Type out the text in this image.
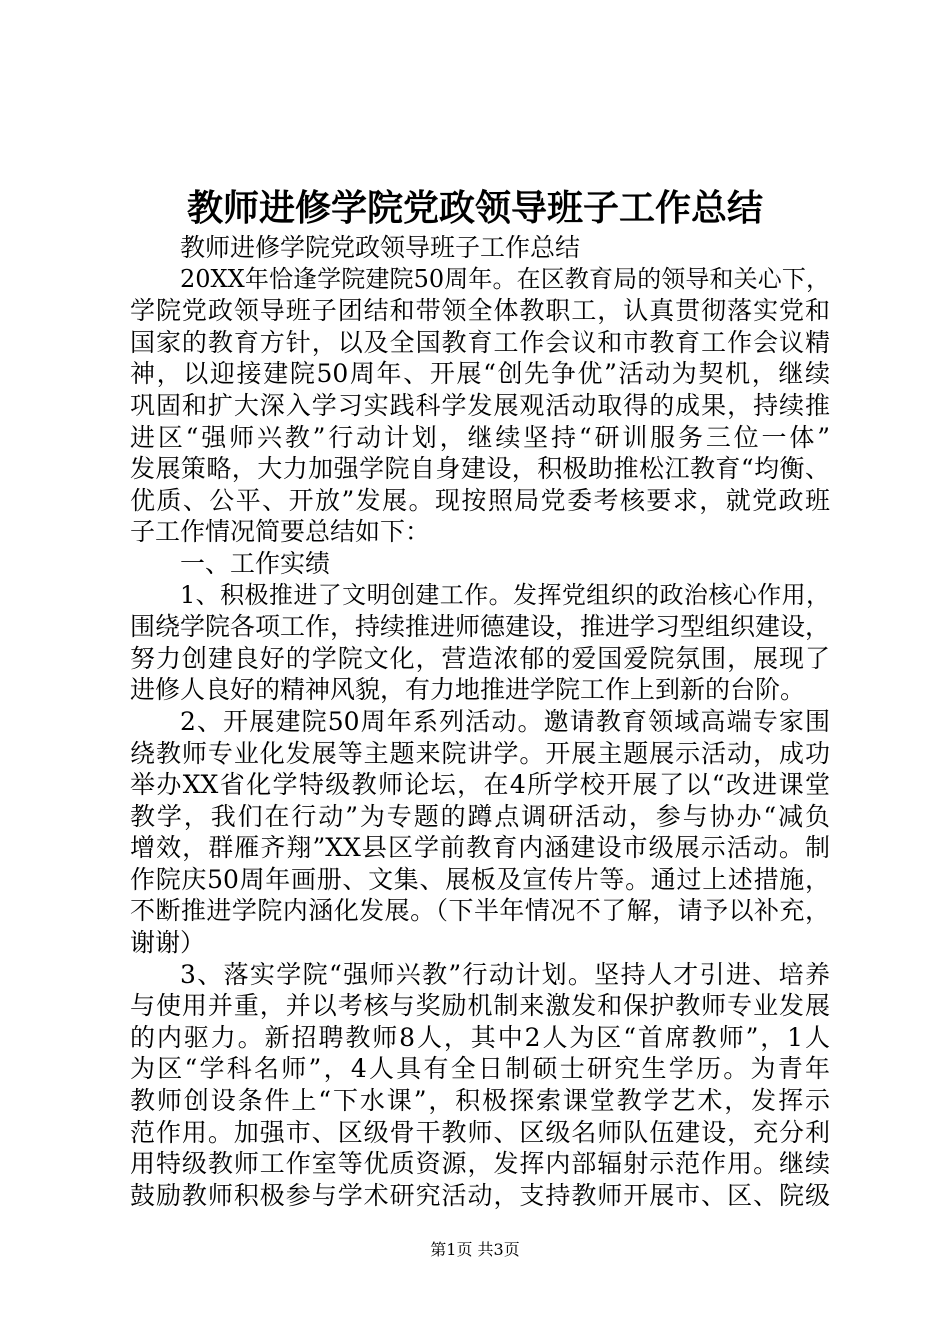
教师进修学院党政领导班子工作总结
教师进修学院党政领导班子工作总结
20XX年恰逢学院建院50周年。在区教育局的领导和关心下，
学院党政领导班子团结和带领全体教职工，认真贯彻落实党和
国家的教育方针，以及全国教育工作会议和市教育工作会议精
神，以迎接建院50周年、开展“创先争优”活动为契机，继续
巩固和扩大深入学习实践科学发展观活动取得的成果，持续推
进区“强师兴教”行动计划，继续坚持“研训服务三位一体”
发展策略，大力加强学院自身建设，积极助推松江教育“均衡、
优质、公平、开放”发展。现按照局党委考核要求，就党政班
子工作情况简要总结如下：
一、工作实绩
1、积极推进了文明创建工作。发挥党组织的政治核心作用，
围绕学院各项工作，持续推进师德建设，推进学习型组织建设，
努力创建良好的学院文化，营造浓郁的爱国爱院氛围，展现了
进修人良好的精神风貌，有力地推进学院工作上到新的台阶。
2、开展建院50周年系列活动。邀请教育领域高端专家围
绕教师专业化发展等主题来院讲学。开展主题展示活动，成功
举办XX省化学特级教师论坛，在4所学校开展了以“改进课堂
教学，我们在行动”为专题的蹲点调研活动，参与协办“减负
增效，群雁齐翔”XX县区学前教育内涵建设市级展示活动。制
作院庆50周年画册、文集、展板及宣传片等。通过上述措施，
不断推进学院内涵化发展。（下半年情况不了解，请予以补充，
谢谢）
3、落实学院“强师兴教”行动计划。坚持人才引进、培养
与使用并重，并以考核与奖励机制来激发和保护教师专业发展
的内驱力。新招聘教师8人，其中2人为区“首席教师”，1人
为区“学科名师”，4人具有全日制硕士研究生学历。为青年
教师创设条件上“下水课”，积极探索课堂教学艺术，发挥示
范作用。加强市、区级骨干教师、区级名师队伍建设，充分利
用特级教师工作室等优质资源，发挥内部辐射示范作用。继续
鼓励教师积极参与学术研究活动，支持教师开展市、区、院级
第1页 共3页
